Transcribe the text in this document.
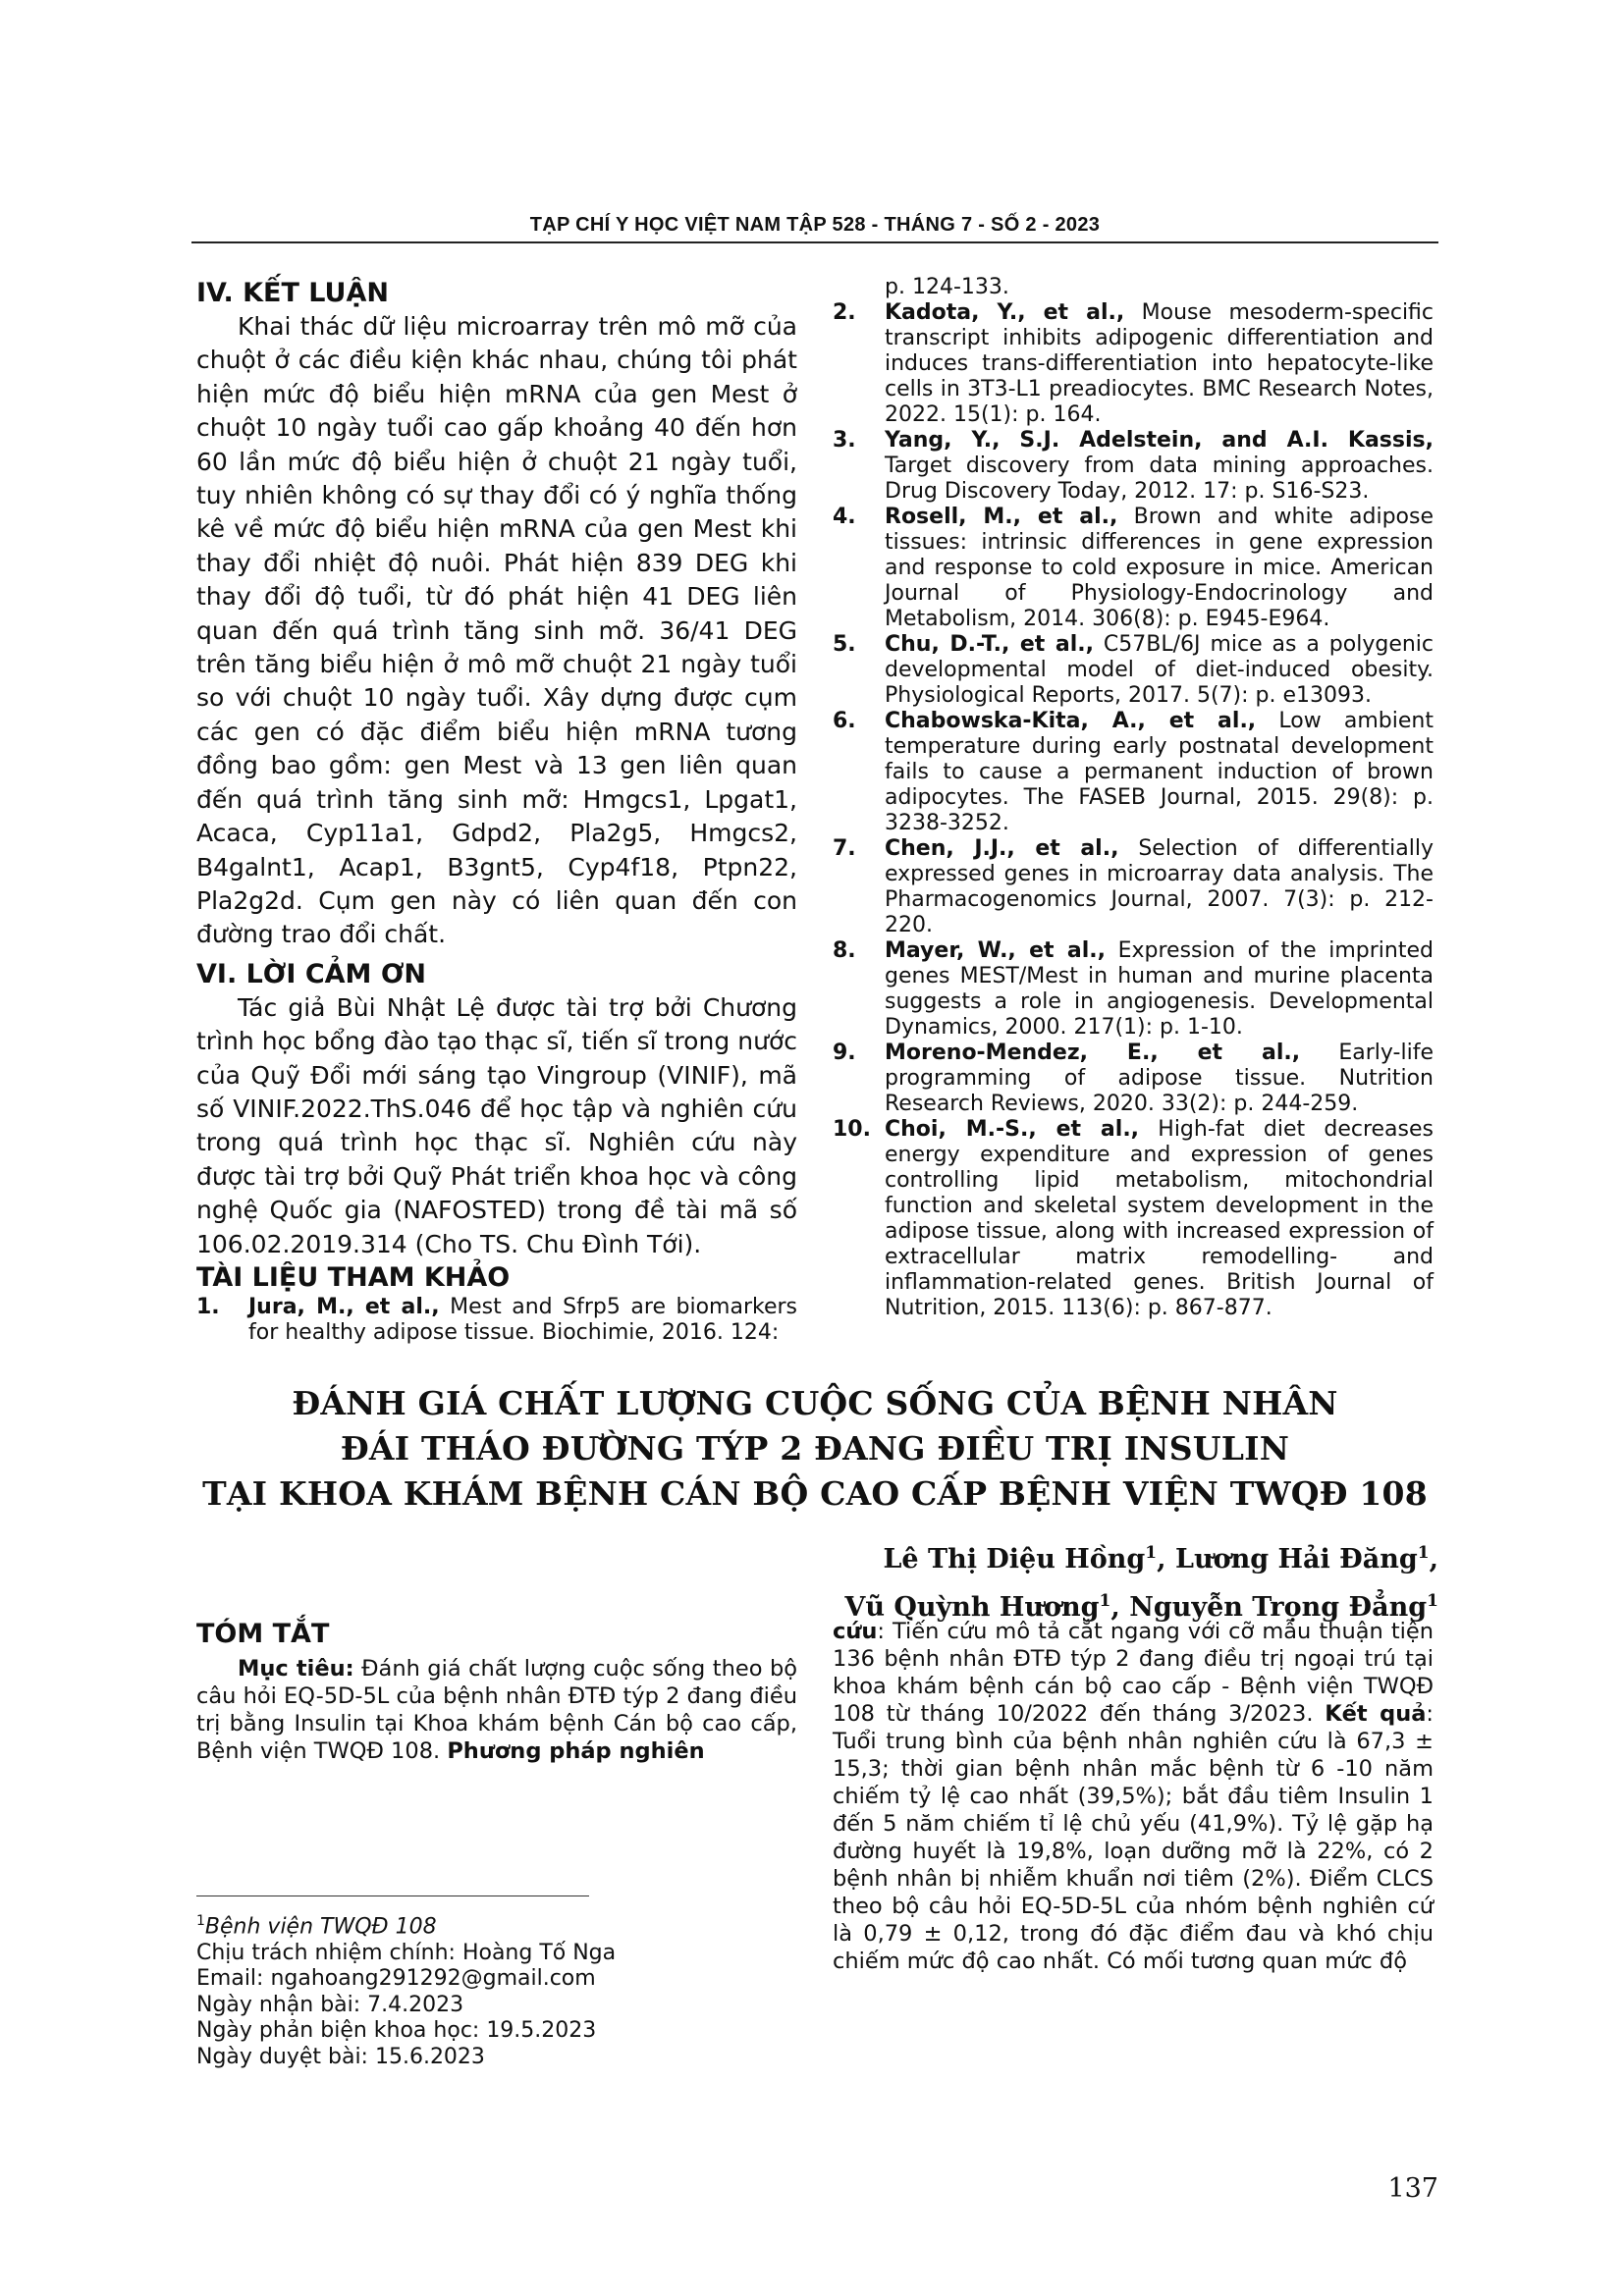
TẠP CHÍ Y HỌC VIỆT NAM TẬP 528 - THÁNG 7 - SỐ 2 - 2023
IV. KẾT LUẬN

Khai thác dữ liệu microarray trên mô mỡ của chuột ở các điều kiện khác nhau, chúng tôi phát hiện mức độ biểu hiện mRNA của gen Mest ở chuột 10 ngày tuổi cao gấp khoảng 40 đến hơn 60 lần mức độ biểu hiện ở chuột 21 ngày tuổi, tuy nhiên không có sự thay đổi có ý nghĩa thống kê về mức độ biểu hiện mRNA của gen Mest khi thay đổi nhiệt độ nuôi. Phát hiện 839 DEG khi thay đổi độ tuổi, từ đó phát hiện 41 DEG liên quan đến quá trình tăng sinh mỡ. 36/41 DEG trên tăng biểu hiện ở mô mỡ chuột 21 ngày tuổi so với chuột 10 ngày tuổi. Xây dựng được cụm các gen có đặc điểm biểu hiện mRNA tương đồng bao gồm: gen Mest và 13 gen liên quan đến quá trình tăng sinh mỡ: Hmgcs1, Lpgat1, Acaca, Cyp11a1, Gdpd2, Pla2g5, Hmgcs2, B4galnt1, Acap1, B3gnt5, Cyp4f18, Ptpn22, Pla2g2d. Cụm gen này có liên quan đến con đường trao đổi chất.

VI. LỜI CẢM ƠN

Tác giả Bùi Nhật Lệ được tài trợ bởi Chương trình học bổng đào tạo thạc sĩ, tiến sĩ trong nước của Quỹ Đổi mới sáng tạo Vingroup (VINIF), mã số VINIF.2022.ThS.046 để học tập và nghiên cứu trong quá trình học thạc sĩ. Nghiên cứu này được tài trợ bởi Quỹ Phát triển khoa học và công nghệ Quốc gia (NAFOSTED) trong đề tài mã số 106.02.2019.314 (Cho TS. Chu Đình Tới).

TÀI LIỆU THAM KHẢO
1. Jura, M., et al., Mest and Sfrp5 are biomarkers for healthy adipose tissue. Biochimie, 2016. 124:
p. 124-133.
2. Kadota, Y., et al., Mouse mesoderm-specific transcript inhibits adipogenic differentiation and induces trans-differentiation into hepatocyte-like cells in 3T3-L1 preadiocytes. BMC Research Notes, 2022. 15(1): p. 164.
3. Yang, Y., S.J. Adelstein, and A.I. Kassis, Target discovery from data mining approaches. Drug Discovery Today, 2012. 17: p. S16-S23.
4. Rosell, M., et al., Brown and white adipose tissues: intrinsic differences in gene expression and response to cold exposure in mice. American Journal of Physiology-Endocrinology and Metabolism, 2014. 306(8): p. E945-E964.
5. Chu, D.-T., et al., C57BL/6J mice as a polygenic developmental model of diet-induced obesity. Physiological Reports, 2017. 5(7): p. e13093.
6. Chabowska-Kita, A., et al., Low ambient temperature during early postnatal development fails to cause a permanent induction of brown adipocytes. The FASEB Journal, 2015. 29(8): p. 3238-3252.
7. Chen, J.J., et al., Selection of differentially expressed genes in microarray data analysis. The Pharmacogenomics Journal, 2007. 7(3): p. 212-220.
8. Mayer, W., et al., Expression of the imprinted genes MEST/Mest in human and murine placenta suggests a role in angiogenesis. Developmental Dynamics, 2000. 217(1): p. 1-10.
9. Moreno-Mendez, E., et al., Early-life programming of adipose tissue. Nutrition Research Reviews, 2020. 33(2): p. 244-259.
10. Choi, M.-S., et al., High-fat diet decreases energy expenditure and expression of genes controlling lipid metabolism, mitochondrial function and skeletal system development in the adipose tissue, along with increased expression of extracellular matrix remodelling- and inflammation-related genes. British Journal of Nutrition, 2015. 113(6): p. 867-877.
ĐÁNH GIÁ CHẤT LƯỢNG CUỘC SỐNG CỦA BỆNH NHÂN
ĐÁI THÁO ĐƯỜNG TÝP 2 ĐANG ĐIỀU TRỊ INSULIN
TẠI KHOA KHÁM BỆNH CÁN BỘ CAO CẤP BỆNH VIỆN TWQĐ 108
Lê Thị Diệu Hồng$^1$, Lương Hải Đăng$^1$,
Vũ Quỳnh Hương$^1$, Nguyễn Trọng Đẳng$^1$
TÓM TẮT

Mục tiêu: Đánh giá chất lượng cuộc sống theo bộ câu hỏi EQ-5D-5L của bệnh nhân ĐTĐ týp 2 đang điều trị bằng Insulin tại Khoa khám bệnh Cán bộ cao cấp, Bệnh viện TWQĐ 108. Phương pháp nghiên

cứu: Tiến cứu mô tả cắt ngang với cỡ mẫu thuận tiện 136 bệnh nhân ĐTĐ týp 2 đang điều trị ngoại trú tại khoa khám bệnh cán bộ cao cấp - Bệnh viện TWQĐ 108 từ tháng 10/2022 đến tháng 3/2023. Kết quả: Tuổi trung bình của bệnh nhân nghiên cứu là 67,3 ± 15,3; thời gian bệnh nhân mắc bệnh từ 6 -10 năm chiếm tỷ lệ cao nhất (39,5%); bắt đầu tiêm Insulin 1 đến 5 năm chiếm tỉ lệ chủ yếu (41,9%). Tỷ lệ gặp hạ đường huyết là 19,8%, loạn dưỡng mỡ là 22%, có 2 bệnh nhân bị nhiễm khuẩn nơi tiêm (2%). Điểm CLCS theo bộ câu hỏi EQ-5D-5L của nhóm bệnh nghiên cứ là 0,79 ± 0,12, trong đó đặc điểm đau và khó chịu chiếm mức độ cao nhất. Có mối tương quan mức độ

$^1$Bệnh viện TWQĐ 108
Chịu trách nhiệm chính: Hoàng Tố Nga
Email: ngahoang291292@gmail.com
Ngày nhận bài: 7.4.2023
Ngày phản biện khoa học: 19.5.2023
Ngày duyệt bài: 15.6.2023
137
